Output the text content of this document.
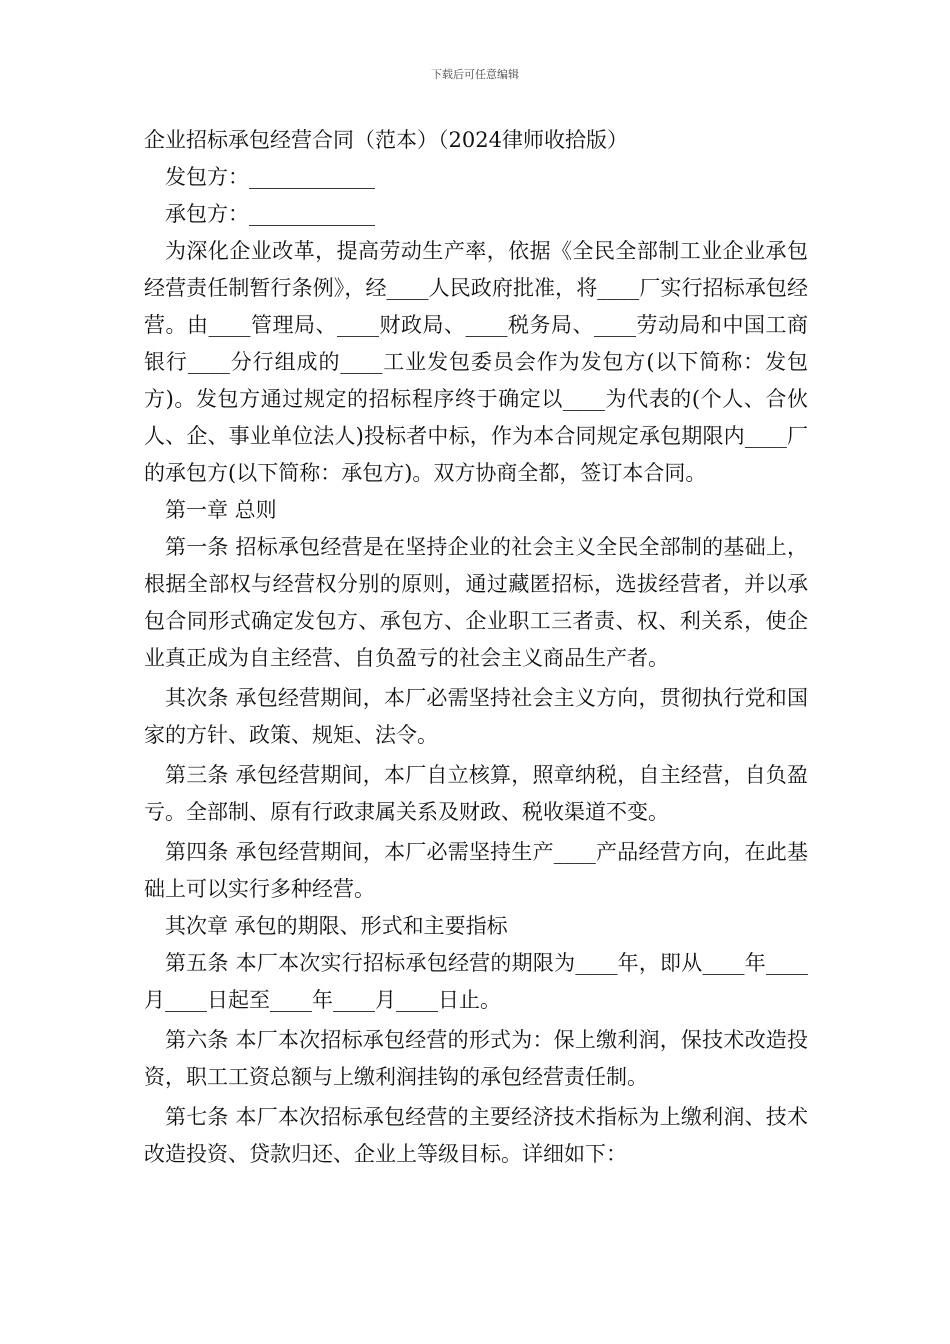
下载后可任意编辑

企业招标承包经营合同（范本）（2024律师收拾版）

发包方：____________

承包方：____________

为深化企业改革，提高劳动生产率，依据《全民全部制工业企业承包经营责任制暂行条例》，经____人民政府批准，将____厂实行招标承包经营。由____管理局、____财政局、____税务局、____劳动局和中国工商银行____分行组成的____工业发包委员会作为发包方(以下简称：发包方)。发包方通过规定的招标程序终于确定以____为代表的(个人、合伙人、企、事业单位法人)投标者中标，作为本合同规定承包期限内____厂的承包方(以下简称：承包方)。双方协商全都，签订本合同。

第一章 总则

第一条 招标承包经营是在坚持企业的社会主义全民全部制的基础上，根据全部权与经营权分别的原则，通过藏匿招标，选拔经营者，并以承包合同形式确定发包方、承包方、企业职工三者责、权、利关系，使企业真正成为自主经营、自负盈亏的社会主义商品生产者。

其次条 承包经营期间，本厂必需坚持社会主义方向，贯彻执行党和国家的方针、政策、规矩、法令。

第三条 承包经营期间，本厂自立核算，照章纳税，自主经营，自负盈亏。全部制、原有行政隶属关系及财政、税收渠道不变。

第四条 承包经营期间，本厂必需坚持生产____产品经营方向，在此基础上可以实行多种经营。

其次章 承包的期限、形式和主要指标

第五条 本厂本次实行招标承包经营的期限为____年，即从____年____月____日起至____年____月____日止。

第六条 本厂本次招标承包经营的形式为：保上缴利润，保技术改造投资，职工工资总额与上缴利润挂钩的承包经营责任制。

第七条 本厂本次招标承包经营的主要经济技术指标为上缴利润、技术改造投资、贷款归还、企业上等级目标。详细如下：
